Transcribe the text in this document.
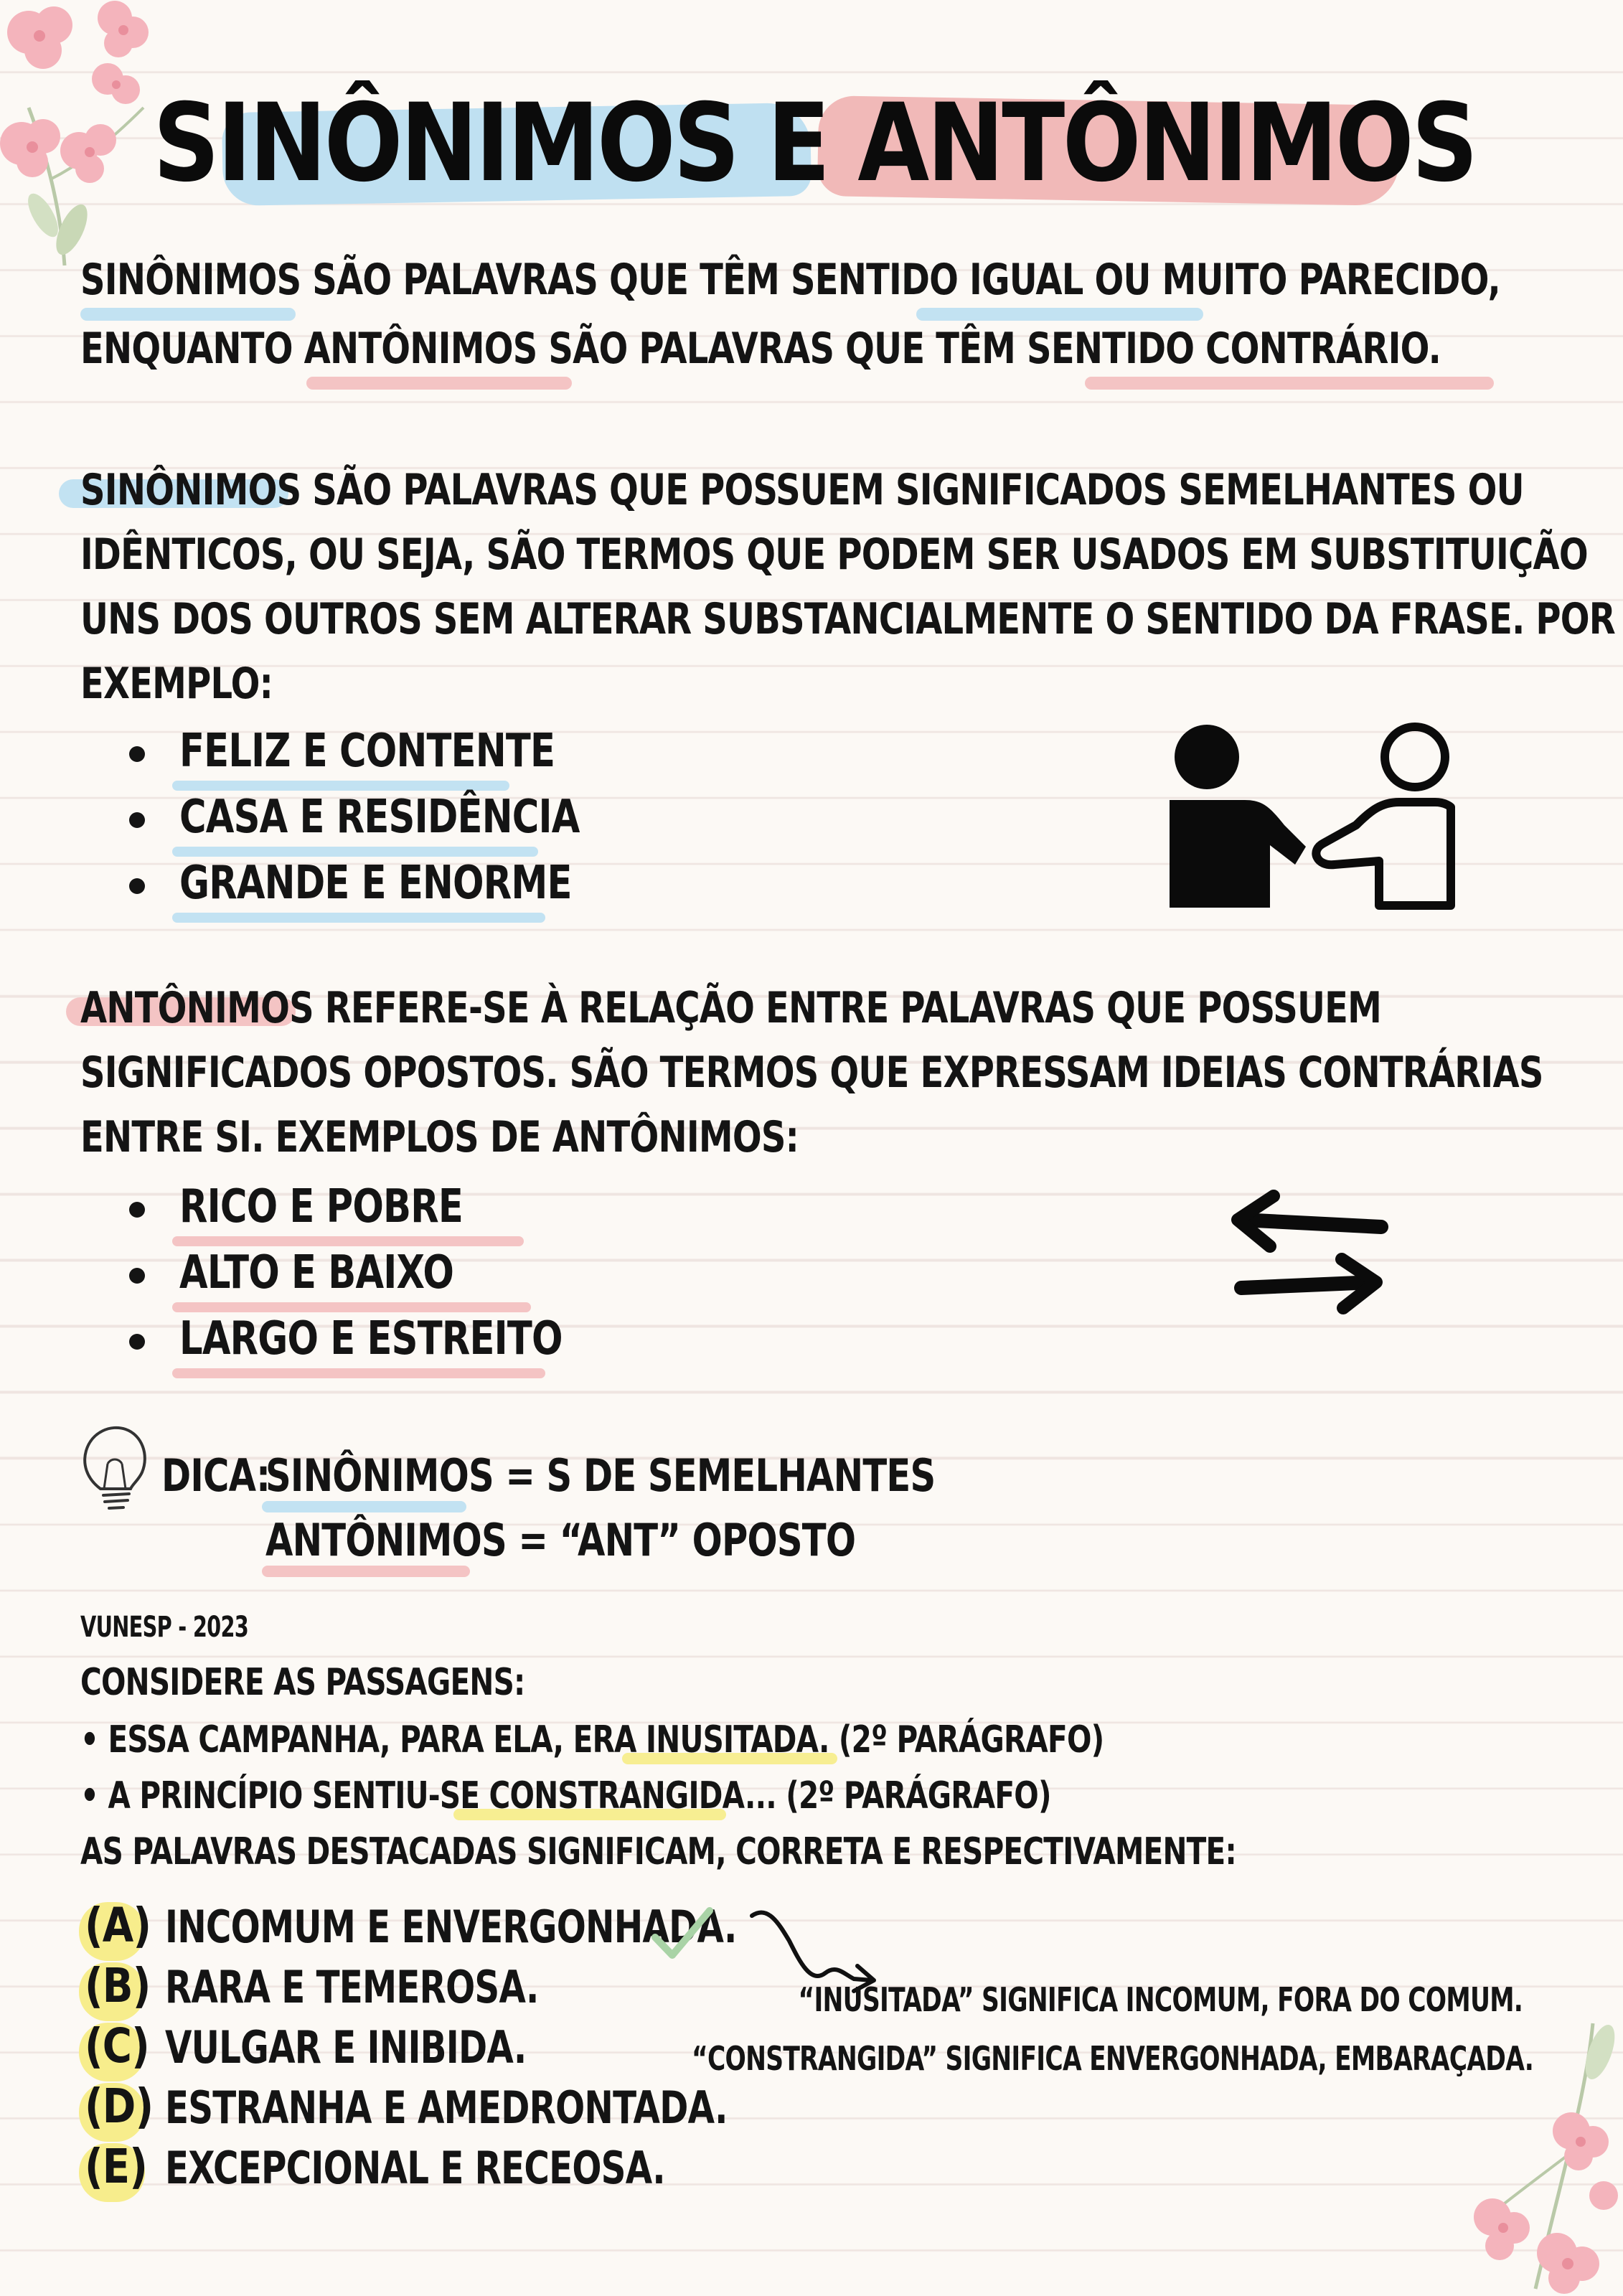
SINÔNIMOS E ANTÔNIMOS
SINÔNIMOS SÃO PALAVRAS QUE TÊM SENTIDO IGUAL OU MUITO PARECIDO,
ENQUANTO ANTÔNIMOS SÃO PALAVRAS QUE TÊM SENTIDO CONTRÁRIO.
SINÔNIMOS SÃO PALAVRAS QUE POSSUEM SIGNIFICADOS SEMELHANTES OU
IDÊNTICOS, OU SEJA, SÃO TERMOS QUE PODEM SER USADOS EM SUBSTITUIÇÃO
UNS DOS OUTROS SEM ALTERAR SUBSTANCIALMENTE O SENTIDO DA FRASE. POR
EXEMPLO:
FELIZ E CONTENTE
CASA E RESIDÊNCIA
GRANDE E ENORME
ANTÔNIMOS REFERE-SE À RELAÇÃO ENTRE PALAVRAS QUE POSSUEM
SIGNIFICADOS OPOSTOS. SÃO TERMOS QUE EXPRESSAM IDEIAS CONTRÁRIAS
ENTRE SI. EXEMPLOS DE ANTÔNIMOS:
RICO E POBRE
ALTO E BAIXO
LARGO E ESTREITO
DICA:
SINÔNIMOS = S DE SEMELHANTES
ANTÔNIMOS = “ANT” OPOSTO
VUNESP - 2023
CONSIDERE AS PASSAGENS:
• ESSA CAMPANHA, PARA ELA, ERA INUSITADA. (2º PARÁGRAFO)
• A PRINCÍPIO SENTIU-SE CONSTRANGIDA... (2º PARÁGRAFO)
AS PALAVRAS DESTACADAS SIGNIFICAM, CORRETA E RESPECTIVAMENTE:
(A) INCOMUM E ENVERGONHADA.
(B) RARA E TEMEROSA.
(C) VULGAR E INIBIDA.
(D) ESTRANHA E AMEDRONTADA.
(E) EXCEPCIONAL E RECEOSA.
“INUSITADA” SIGNIFICA INCOMUM, FORA DO COMUM.
“CONSTRANGIDA” SIGNIFICA ENVERGONHADA, EMBARAÇADA.
